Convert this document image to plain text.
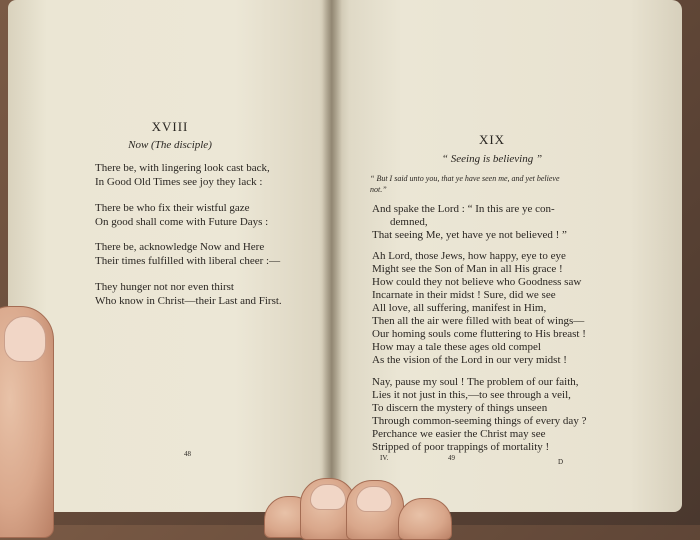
XVIII
Now (The disciple)
There be, with lingering look cast back,
In Good Old Times see joy they lack :
There be who fix their wistful gaze
On good shall come with Future Days :
There be, acknowledge Now and Here
Their times fulfilled with liberal cheer :—
They hunger not nor even thirst
Who know in Christ—their Last and First.
48
XIX
“ Seeing is believing ”
“ But I said unto you, that ye have seen me, and yet believe
not.”
And spake the Lord : “ In this are ye con-
demned,
That seeing Me, yet have ye not believed ! ”
Ah Lord, those Jews, how happy, eye to eye
Might see the Son of Man in all His grace !
How could they not believe who Goodness saw
Incarnate in their midst ! Sure, did we see
All love, all suffering, manifest in Him,
Then all the air were filled with beat of wings—
Our homing souls come fluttering to His breast !
How may a tale these ages old compel
As the vision of the Lord in our very midst !
Nay, pause my soul ! The problem of our faith,
Lies it not just in this,—to see through a veil,
To discern the mystery of things unseen
Through common-seeming things of every day ?
Perchance we easier the Christ may see
Stripped of poor trappings of mortality !
IV.	49	D
